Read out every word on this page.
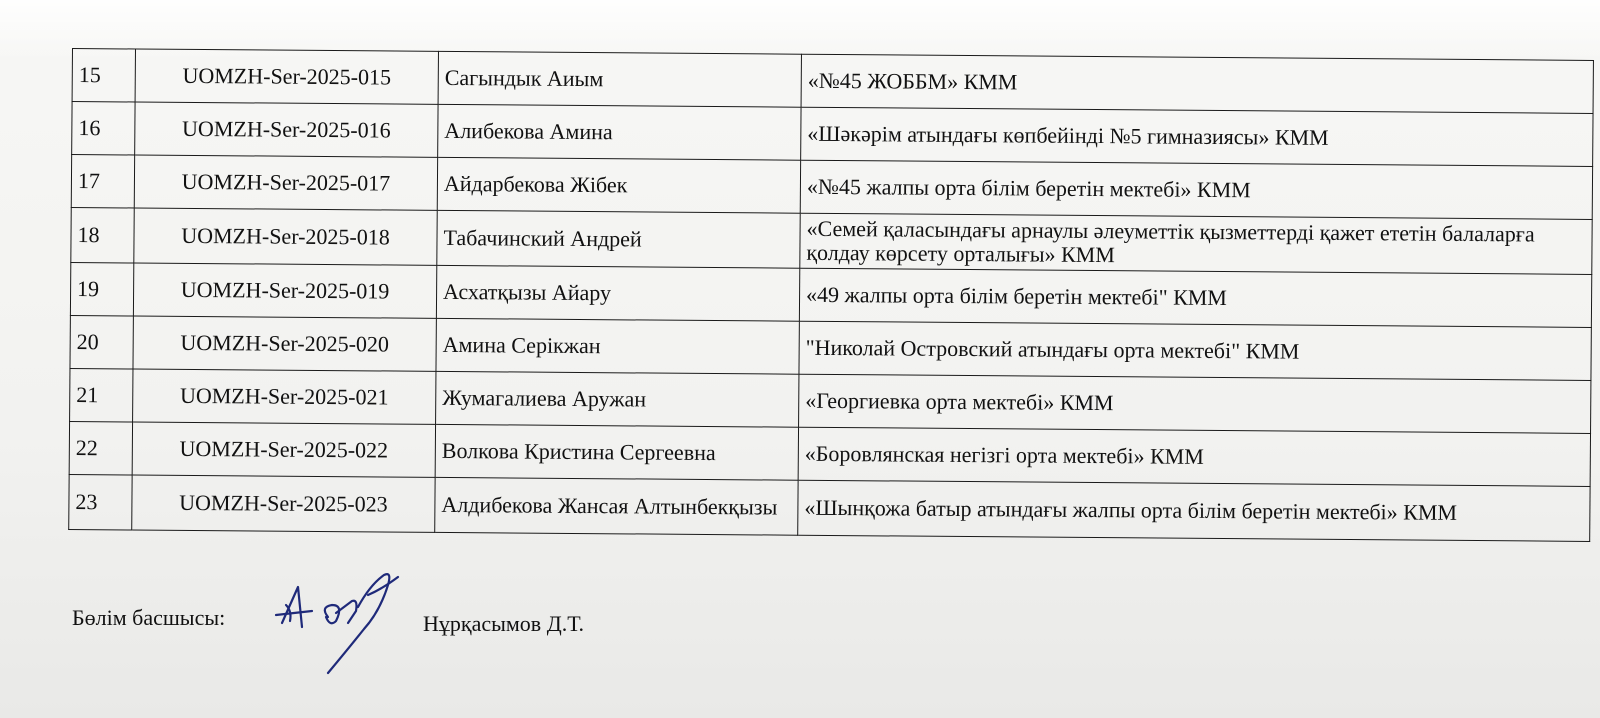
15	UOMZH-Ser-2025-015	Сагындык Аиым	«№45 ЖОББМ» КММ
16	UOMZH-Ser-2025-016	Алибекова Амина	«Шәкәрім атындағы көпбейінді №5 гимназиясы» КММ
17	UOMZH-Ser-2025-017	Айдарбекова Жібек	«№45 жалпы орта білім беретін мектебі» КММ
18	UOMZH-Ser-2025-018	Табачинский Андрей	«Семей қаласындағы арнаулы әлеуметтік қызметтерді қажет ететін балаларға қолдау көрсету орталығы» КММ
19	UOMZH-Ser-2025-019	Асхатқызы Айару	«49 жалпы орта білім беретін мектебі" КММ
20	UOMZH-Ser-2025-020	Амина Серікжан	"Николай Островский атындағы орта мектебі" КММ
21	UOMZH-Ser-2025-021	Жумагалиева Аружан	«Георгиевка орта мектебі» КММ
22	UOMZH-Ser-2025-022	Волкова Кристина Сергеевна	«Боровлянская негізгі орта мектебі» КММ
23	UOMZH-Ser-2025-023	Алдибекова Жансая Алтынбекқызы	«Шынқожа батыр атындағы жалпы орта білім беретін мектебі» КММ
Бөлім басшысы:	Нұрқасымов Д.Т.
